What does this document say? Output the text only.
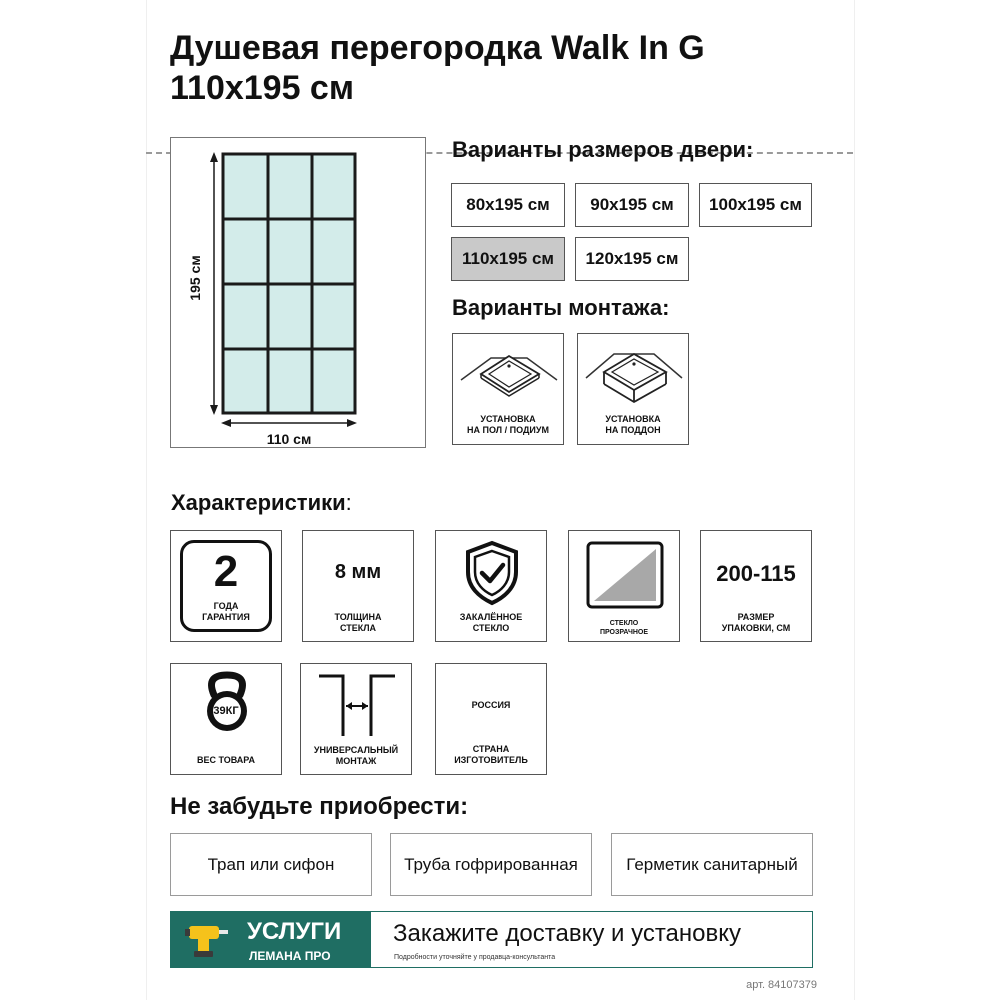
Душевая перегородка Walk In G
110x195 см
195 см
110 см
Варианты размеров двери:
80x195 см 90x195 см 100x195 см
110x195 см 120x195 см
Варианты монтажа:
УСТАНОВКА
НА ПОЛ / ПОДИУМ
УСТАНОВКА
НА ПОДДОН
Характеристики:
2
ГОДА
ГАРАНТИЯ
8 мм
ТОЛЩИНА
СТЕКЛА
ЗАКАЛЁННОЕ
СТЕКЛО	СТЕКЛО
ПРОЗРАЧНОЕ
200-115
РАЗМЕР
УПАКОВКИ, СМ
39КГ
ВЕС ТОВАРА
УНИВЕРСАЛЬНЫЙ
МОНТАЖ
РОССИЯ
СТРАНА
ИЗГОТОВИТЕЛЬ
Не забудьте приобрести:
Трап или сифон	Труба гофрированная	Герметик санитарный
УСЛУГИ
ЛЕМАНА ПРО
Закажите доставку и установку
Подробности уточняйте у продавца-консультанта
арт. 84107379
